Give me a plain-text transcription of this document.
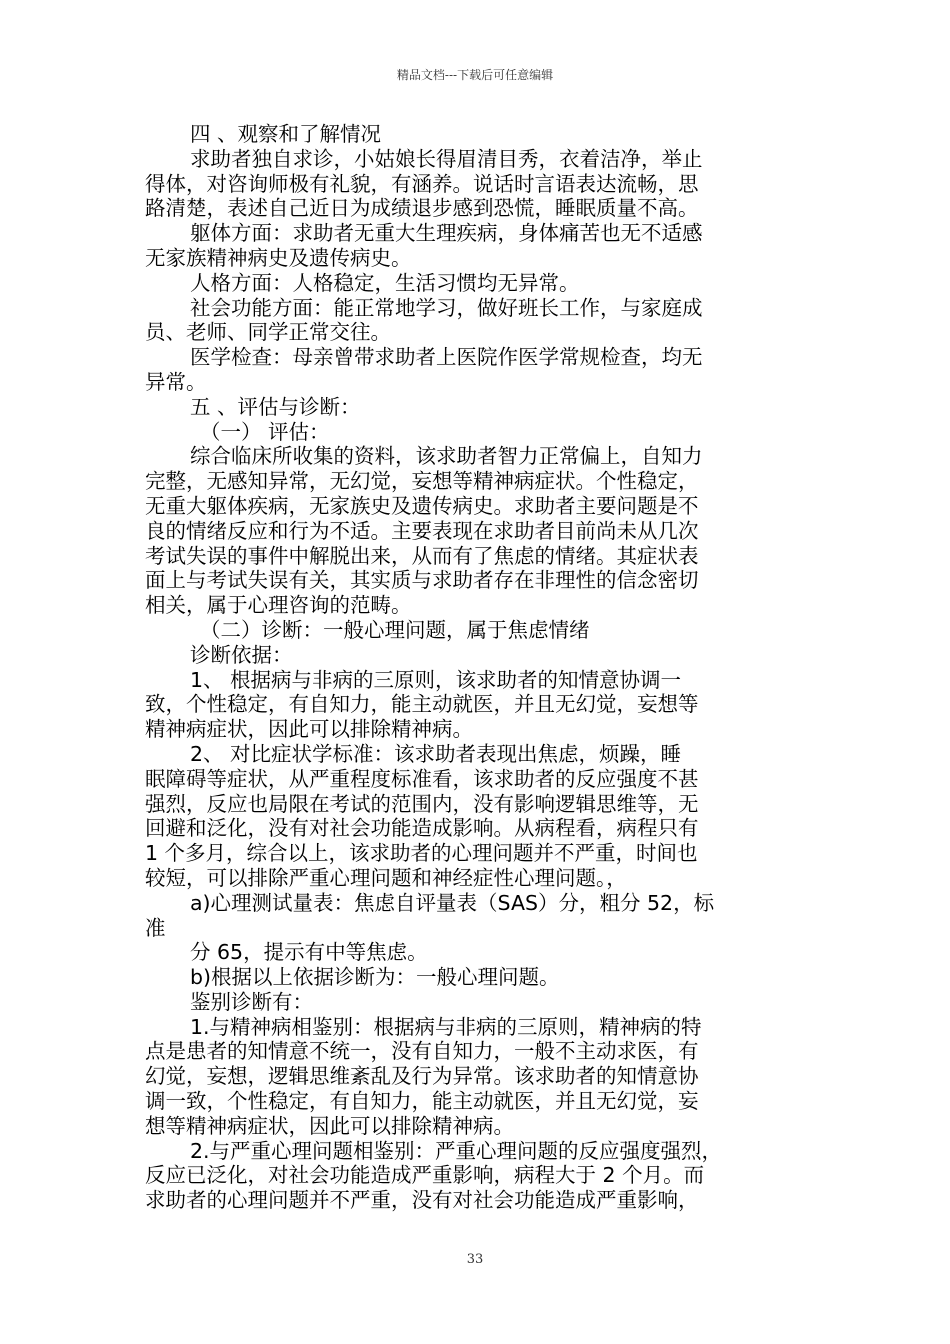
精品文档---下载后可任意编辑

四 、观察和了解情况

求助者独自求诊，小姑娘长得眉清目秀，衣着洁净，举止

得体，对咨询师极有礼貌，有涵养。说话时言语表达流畅，思

路清楚，表述自己近日为成绩退步感到恐慌，睡眠质量不高。

躯体方面：求助者无重大生理疾病，身体痛苦也无不适感

无家族精神病史及遗传病史。

人格方面：人格稳定，生活习惯均无异常。

社会功能方面：能正常地学习，做好班长工作，与家庭成

员、老师、同学正常交往。

医学检查：母亲曾带求助者上医院作医学常规检查，均无

异常。

五 、评估与诊断：

（一） 评估：

综合临床所收集的资料，该求助者智力正常偏上，自知力

完整，无感知异常，无幻觉，妄想等精神病症状。个性稳定，

无重大躯体疾病，无家族史及遗传病史。求助者主要问题是不

良的情绪反应和行为不适。主要表现在求助者目前尚未从几次

考试失误的事件中解脱出来，从而有了焦虑的情绪。其症状表

面上与考试失误有关，其实质与求助者存在非理性的信念密切

相关，属于心理咨询的范畴。

（二）诊断：一般心理问题，属于焦虑情绪

诊断依据：

1、 根据病与非病的三原则，该求助者的知情意协调一

致，个性稳定，有自知力，能主动就医，并且无幻觉，妄想等

精神病症状，因此可以排除精神病。

2、 对比症状学标准：该求助者表现出焦虑，烦躁，睡

眠障碍等症状，从严重程度标准看，该求助者的反应强度不甚

强烈，反应也局限在考试的范围内，没有影响逻辑思维等，无

回避和泛化，没有对社会功能造成影响。从病程看，病程只有

1 个多月，综合以上，该求助者的心理问题并不严重，时间也

较短，可以排除严重心理问题和神经症性心理问题。，

a)心理测试量表：焦虑自评量表（SAS）分，粗分 52，标

准

分 65，提示有中等焦虑。

b)根据以上依据诊断为：一般心理问题。

鉴别诊断有：

1.与精神病相鉴别：根据病与非病的三原则，精神病的特

点是患者的知情意不统一，没有自知力，一般不主动求医，有

幻觉，妄想，逻辑思维紊乱及行为异常。该求助者的知情意协

调一致，个性稳定，有自知力，能主动就医，并且无幻觉，妄

想等精神病症状，因此可以排除精神病。

2.与严重心理问题相鉴别：严重心理问题的反应强度强烈，

反应已泛化，对社会功能造成严重影响，病程大于 2 个月。而

求助者的心理问题并不严重，没有对社会功能造成严重影响，

33
